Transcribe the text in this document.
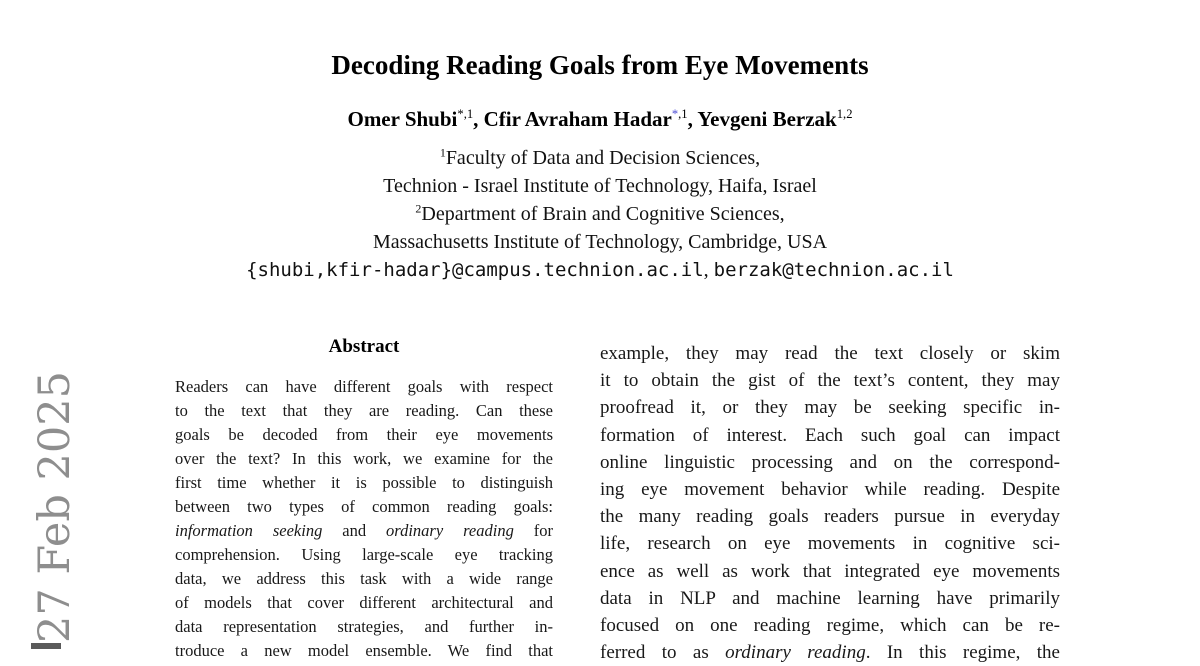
27 Feb 2025
Decoding Reading Goals from Eye Movements
Omer Shubi$^{*,1}$, Cfir Avraham Hadar$^{*,1}$, Yevgeni Berzak$^{1,2}$
$^1$Faculty of Data and Decision Sciences,
Technion - Israel Institute of Technology, Haifa, Israel
$^2$Department of Brain and Cognitive Sciences,
Massachusetts Institute of Technology, Cambridge, USA
{shubi,kfir-hadar}@campus.technion.ac.il, berzak@technion.ac.il
Abstract
Readers can have different goals with respect
to the text that they are reading. Can these
goals be decoded from their eye movements
over the text? In this work, we examine for the
first time whether it is possible to distinguish
between two types of common reading goals:
information seeking and ordinary reading for
comprehension. Using large-scale eye tracking
data, we address this task with a wide range
of models that cover different architectural and
data representation strategies, and further in-
troduce a new model ensemble. We find that
example, they may read the text closely or skim
it to obtain the gist of the text’s content, they may
proofread it, or they may be seeking specific in-
formation of interest. Each such goal can impact
online linguistic processing and on the correspond-
ing eye movement behavior while reading. Despite
the many reading goals readers pursue in everyday
life, research on eye movements in cognitive sci-
ence as well as work that integrated eye movements
data in NLP and machine learning have primarily
focused on one reading regime, which can be re-
ferred to as ordinary reading. In this regime, the
